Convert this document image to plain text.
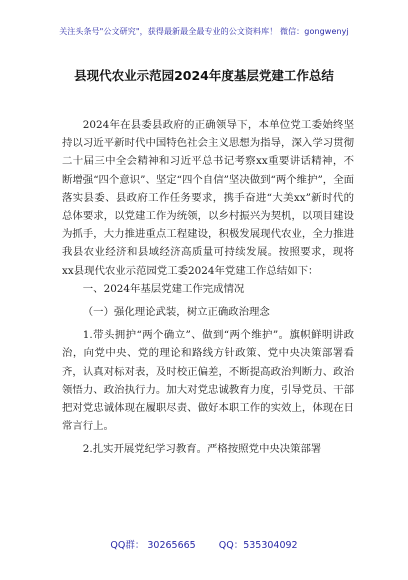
关注头条号"公文研究"，获得最新最全最专业的公文资料库！ 微信：gongwenyj
县现代农业示范园2024年度基层党建工作总结

2024年在县委县政府的正确领导下，本单位党工委始终坚持以习近平新时代中国特色社会主义思想为指导，深入学习贯彻二十届三中全会精神和习近平总书记考察xx重要讲话精神，不断增强“四个意识”、坚定“四个自信”坚决做到“两个维护”，全面落实县委、县政府工作任务要求，携手奋进“大美xx”新时代的总体要求，以党建工作为统领，以乡村振兴为契机，以项目建设为抓手，大力推进重点工程建设，积极发展现代农业，全力推进我县农业经济和县域经济高质量可持续发展。按照要求，现将xx县现代农业示范园党工委2024年党建工作总结如下：

一、2024年基层党建工作完成情况

（一）强化理论武装，树立正确政治理念

1.带头拥护“两个确立”、做到“两个维护”。旗帜鲜明讲政治，向党中央、党的理论和路线方针政策、党中央决策部署看齐，认真对标对表，及时校正偏差，不断提高政治判断力、政治领悟力、政治执行力。加大对党忠诚教育力度，引导党员、干部把对党忠诚体现在履职尽责、做好本职工作的实效上，体现在日常言行上。

2.扎实开展党纪学习教育。严格按照党中央决策部署

QQ群： 30265665 QQ：535304092
